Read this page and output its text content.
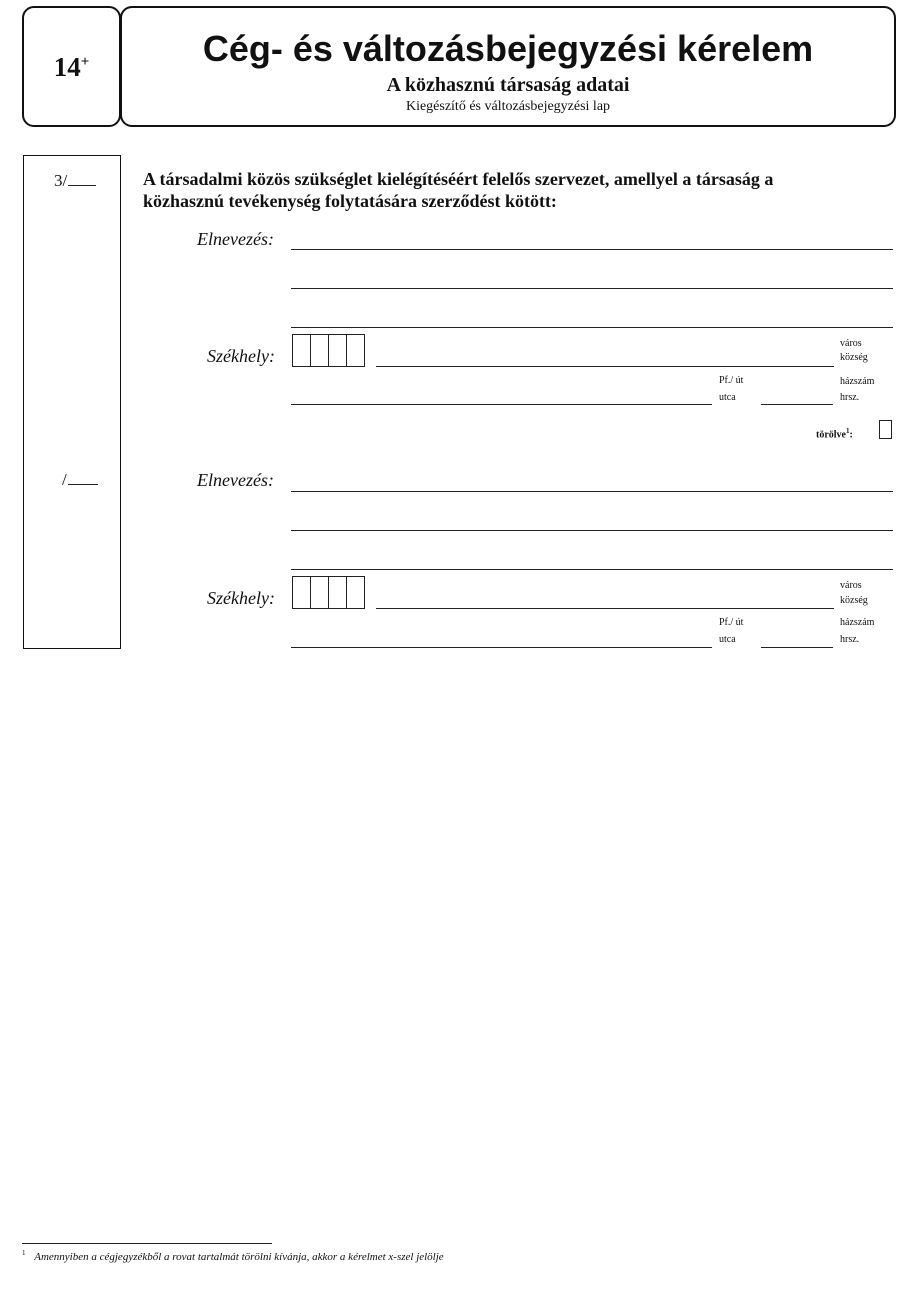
14+	Cég- és változásbejegyzési kérelem
A közhasznú társaság adatai
Kiegészítő és változásbejegyzési lap
3/
/
A társadalmi közös szükséglet kielégítéséért felelős szervezet, amellyel a társaság a
közhasznú tevékenység folytatására szerződést kötött:
Elnevezés:
Székhely:
város
község
Pf./ út
utca
házszám
hrsz.
törölve$^1$:
Elnevezés:
Székhely:
város
község
Pf./ út
utca
házszám
hrsz.
$^1$ Amennyiben a cégjegyzékből a rovat tartalmát törölni kívánja, akkor a kérelmet x-szel jelölje
